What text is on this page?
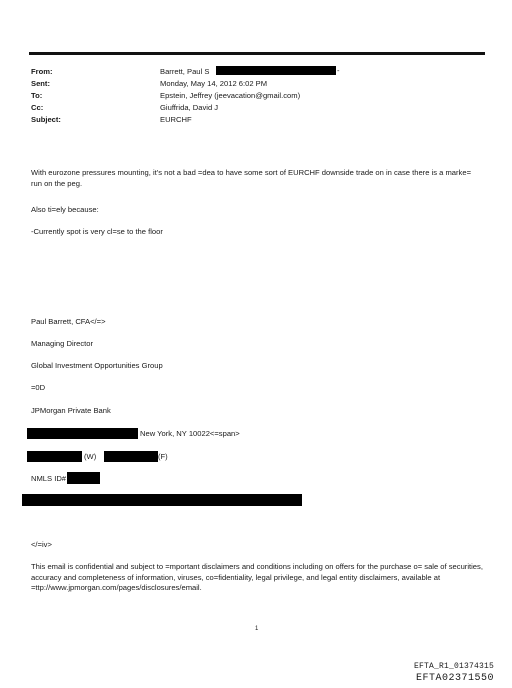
From:
Sent:
To:
Cc:
Subject:
Barrett, Paul S	-
Monday, May 14, 2012 6:02 PM
Epstein, Jeffrey (jeevacation@gmail.com)
Giuffrida, David J
EURCHF
With eurozone pressures mounting, it's not a bad =dea to have some sort of EURCHF downside trade on in case there is a marke= run on the peg.
Also ti=ely because:
-Currently spot is very cl=se to the floor
Paul Barrett, CFA</=>
Managing Director
Global Investment Opportunities Group
=0D
JPMorgan Private Bank
New York, NY 10022<=span>
(W)	(F)
NMLS ID#
</=iv>
This email is confidential and subject to =mportant disclaimers and conditions including on offers for the purchase o= sale of securities, accuracy and completeness of information, viruses, co=fidentiality, legal privilege, and legal entity disclaimers, available at =ttp://www.jpmorgan.com/pages/disclosures/email.
1
EFTA_R1_01374315
EFTA02371550
